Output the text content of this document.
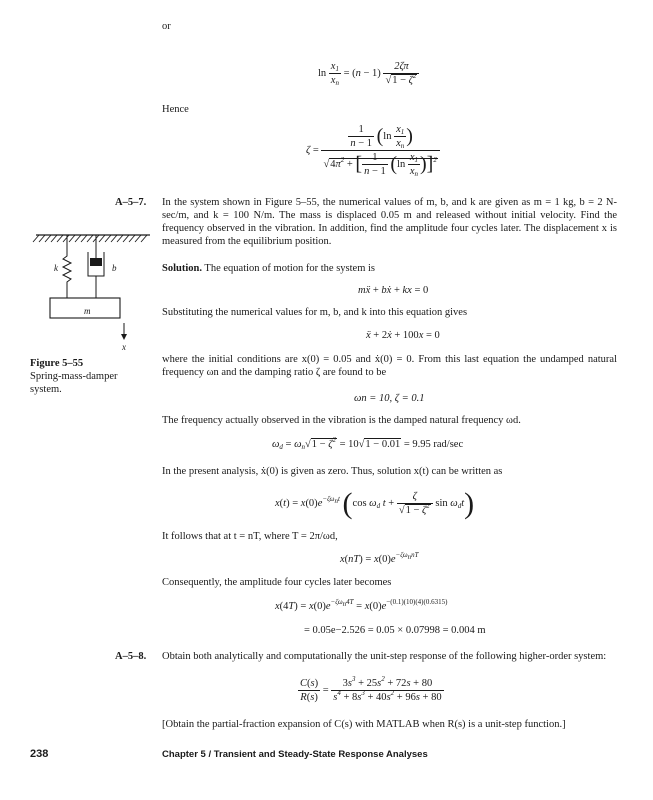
or
$\ln \frac{x_1}{x_n} = (n - 1) \frac{2\zeta\pi}{√1 - \zeta^2}$
Hence
$\zeta = \frac{\frac{1}{n - 1} (\ln \frac{x_1}{x_n} )}{√4\pi^2 + [ \frac{1}{n - 1} (\ln \frac{x_1}{x_n} )]^2}$
A–5–7. In the system shown in Figure 5–55, the numerical values of m, b, and k are given as m = 1 kg, b = 2 N-sec/m, and k = 100 N/m. The mass is displaced 0.05 m and released without initial velocity. Find the frequency observed in the vibration. In addition, find the amplitude four cycles later. The displacement x is measured from the equilibrium position.
k	b
m
x
Figure 5–55
Spring-mass-damper system.
Solution. The equation of motion for the system is
mẍ + bẋ + kx = 0
Substituting the numerical values for m, b, and k into this equation gives
ẍ + 2ẋ + 100x = 0
where the initial conditions are x(0) = 0.05 and ẋ(0) = 0. From this last equation the undamped natural frequency ωn and the damping ratio ζ are found to be
ωn = 10, ζ = 0.1
The frequency actually observed in the vibration is the damped natural frequency ωd.
$\omega_d = \omega_n√1 - \zeta^2 = 10√1 - 0.01 = 9.95$ rad/sec
In the present analysis, ẋ(0) is given as zero. Thus, solution x(t) can be written as
$x(t) = x(0)e^{-\zeta\omega_nt}$ (cos $\omega_d$ $t + \frac{\zeta}{√1 - \zeta^2}$ $\sin \omega_dt$)
It follows that at t = nT, where T = 2π/ωd,
$x(nT) = x(0)e^{-\zeta\omega_nnT}$
Consequently, the amplitude four cycles later becomes
$x(4T) = x(0)e^{-\zeta\omega_n4T} = x(0)e^{-(0.1)(10)(4)(0.6315)}$
= 0.05e−2.526 = 0.05 × 0.07998 = 0.004 m
A–5–8. Obtain both analytically and computationally the unit-step response of the following higher-order system:
$\frac{C(s)}{R(s)} = \frac{3s^3 + 25s^2 + 72s + 80}{s^4 + 8s^3 + 40s^2 + 96s + 80}$
[Obtain the partial-fraction expansion of C(s) with MATLAB when R(s) is a unit-step function.]
238	Chapter 5 / Transient and Steady-State Response Analyses
